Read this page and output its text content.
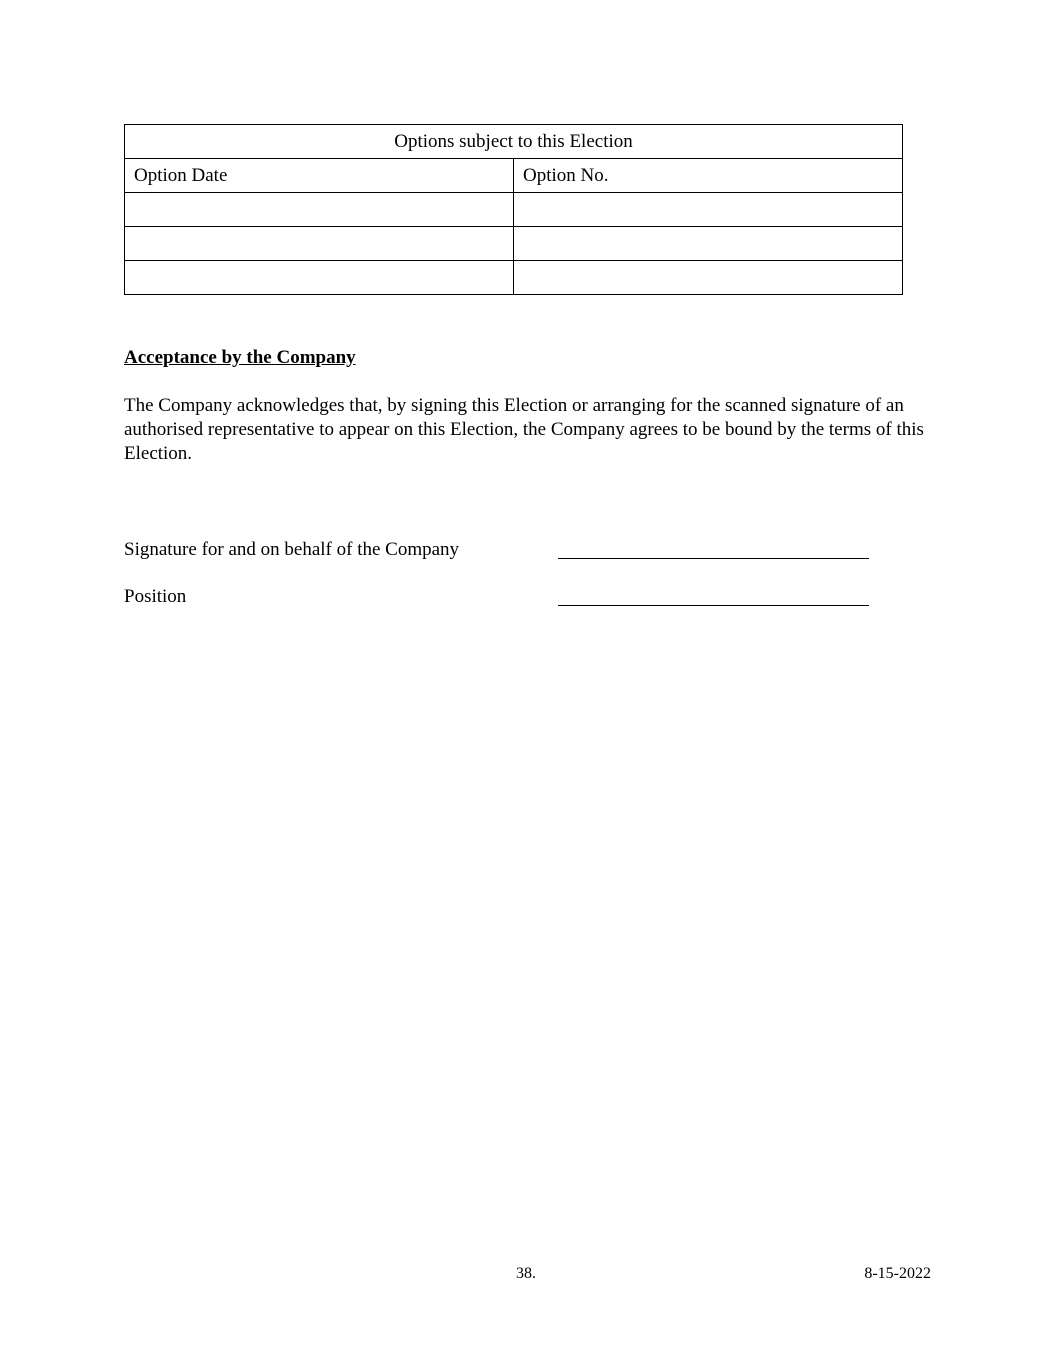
Options subject to this Election	
Option Date	Option No.

Acceptance by the Company

The Company acknowledges that, by signing this Election or arranging for the scanned signature of an authorised representative to appear on this Election, the Company agrees to be bound by the terms of this Election.

Signature for and on behalf of the Company
Position
38.	8-15-2022
